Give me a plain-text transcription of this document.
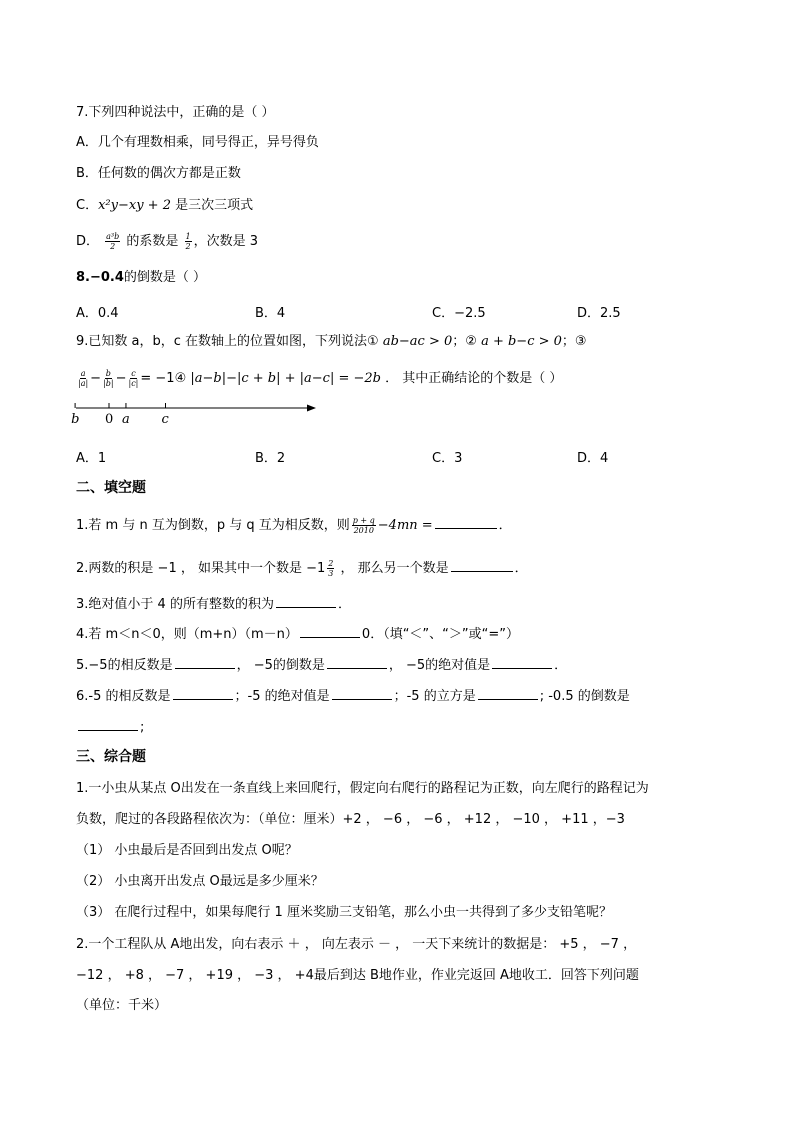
7.下列四种说法中，正确的是（ ）
A．几个有理数相乘，同号得正，异号得负
B．任何数的偶次方都是正数
C．x²y−xy + 2 是三次三项式
D． $\frac{\text{a³b}}{2}$ 的系数是 $\frac{1}{2}$ ，次数是 3
8.−0.4的倒数是（ ）
A．0.4	B．4	C．−2.5	D．2.5
9.已知数 a，b，c 在数轴上的位置如图，下列说法① ab−ac > 0；② a + b−c > 0；③
$\frac{a}{|a|} - \frac{b}{|b|} - \frac{c}{|c|}$ = −1④ |a−b|−|c + b| + |a−c| = −2b ． 其中正确结论的个数是（ ）
b 0 a c
A．1	B．2	C．3	D．4
二、填空题
1.若 m 与 n 互为倒数，p 与 q 互为相反数，则 $\frac{p + q}{2010} -4mn$ =	．
2.两数的积是 −1 ， 如果其中一个数是 $-1 \frac{2}{3}$ ， 那么另一个数是	．
3.绝对值小于 4 的所有整数的积为	．
4.若 m＜n＜0，则（m+n）（m－n）	0．（填“＜”、“＞”或“=”）
5.−5的相反数是	， −5的倒数是	， −5的绝对值是	．
6.-5 的相反数是	；-5 的绝对值是	；-5 的立方是	; -0.5 的倒数是
;
三、综合题
1.一小虫从某点 O出发在一条直线上来回爬行，假定向右爬行的路程记为正数，向左爬行的路程记为
负数，爬过的各段路程依次为：（单位：厘米）+2 ， −6 ， −6 ， +12 ， −10 ， +11 ，−3
（1） 小虫最后是否回到出发点 O呢？
（2） 小虫离开出发点 O最远是多少厘米？
（3） 在爬行过程中，如果每爬行 1 厘米奖励三支铅笔，那么小虫一共得到了多少支铅笔呢？
2.一个工程队从 A地出发，向右表示 ＋ ， 向左表示 － ， 一天下来统计的数据是： +5 ， −7 ，
−12 ， +8 ， −7 ， +19 ， −3 ， +4最后到达 B地作业，作业完返回 A地收工．回答下列问题
（单位：千米）
